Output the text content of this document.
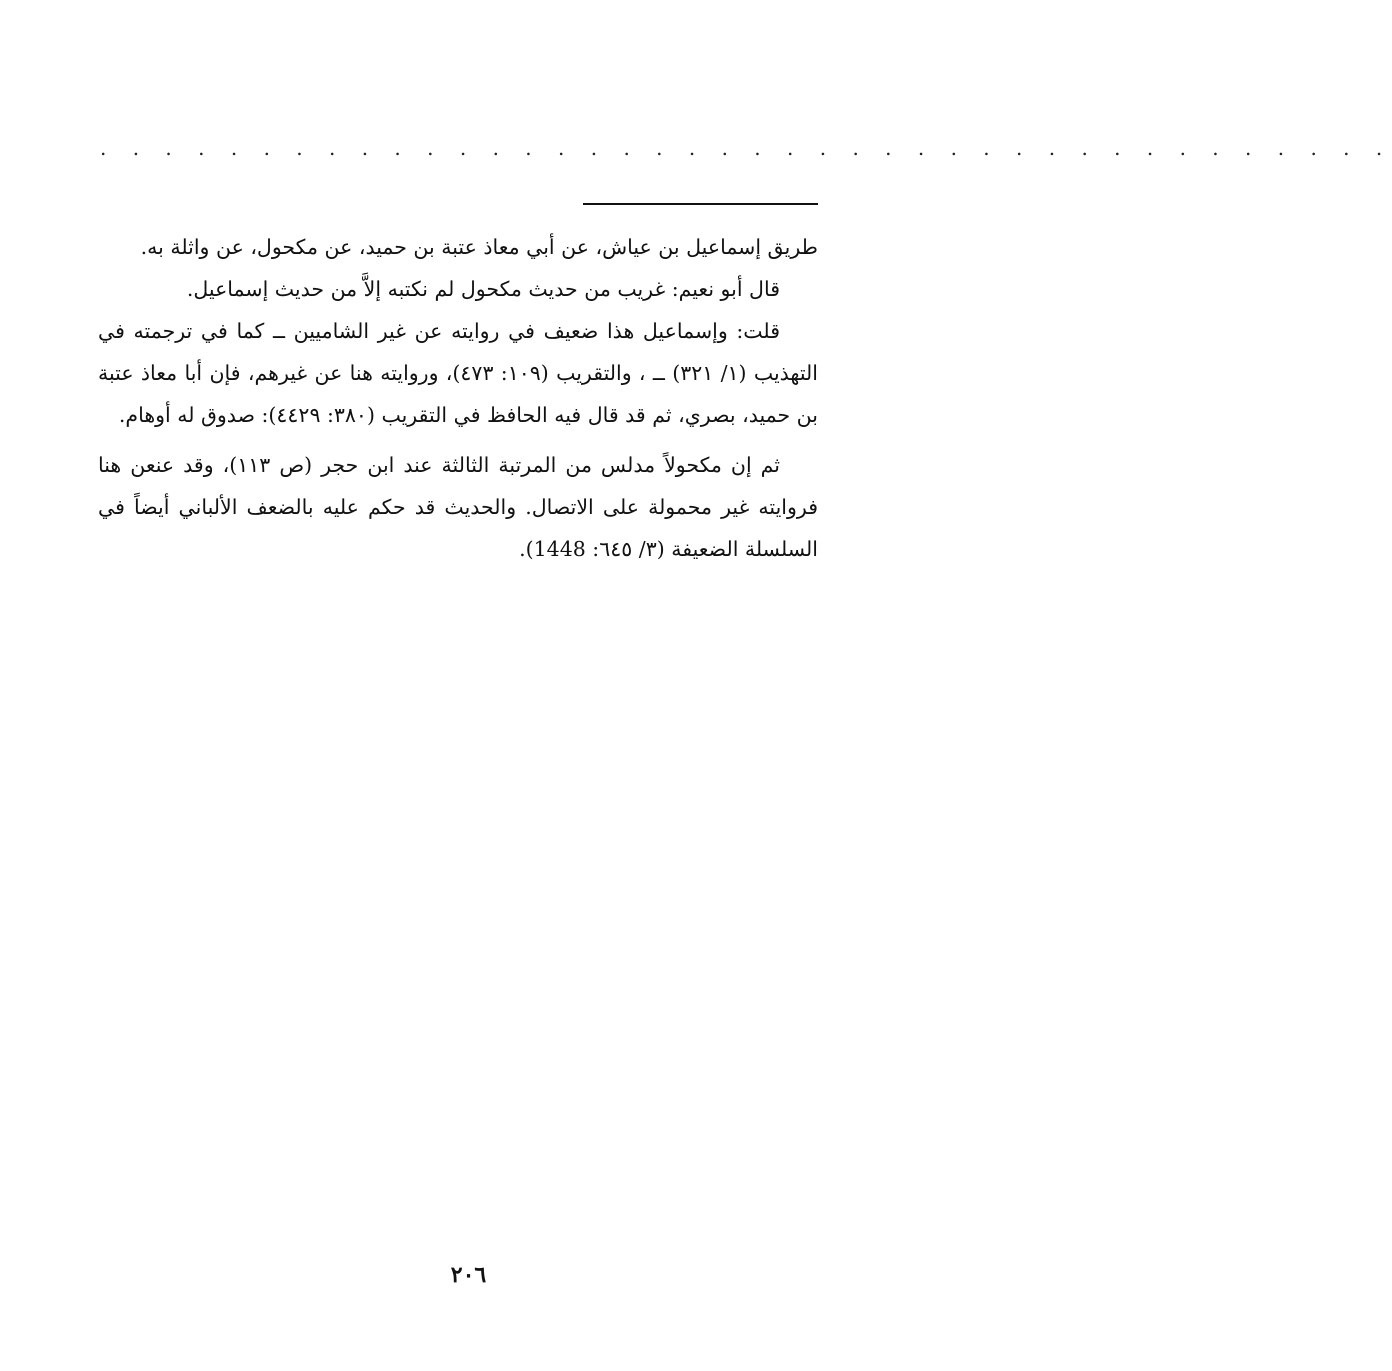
. . . . . . . . . . . . . . . . . . . . . . . . . . . . . . . . . . . . . . . .

طريق إسماعيل بن عياش، عن أبي معاذ عتبة بن حميد، عن مكحول، عن واثلة به.

قال أبو نعيم: غريب من حديث مكحول لم نكتبه إلاَّ من حديث إسماعيل.

قلت: وإسماعيل هذا ضعيف في روايته عن غير الشاميين ــ كما في ترجمته في التهذيب (١/ ٣٢١) ــ ، والتقريب (١٠٩: ٤٧٣)، وروايته هنا عن غيرهم، فإن أبا معاذ عتبة بن حميد، بصري، ثم قد قال فيه الحافظ في التقريب (٣٨٠: ٤٤٢٩): صدوق له أوهام.

ثم إن مكحولاً مدلس من المرتبة الثالثة عند ابن حجر (ص ١١٣)، وقد عنعن هنا فروايته غير محمولة على الاتصال. والحديث قد حكم عليه بالضعف الألباني أيضاً في السلسلة الضعيفة (٣/ ٦٤٥: 1448).

٢٠٦
